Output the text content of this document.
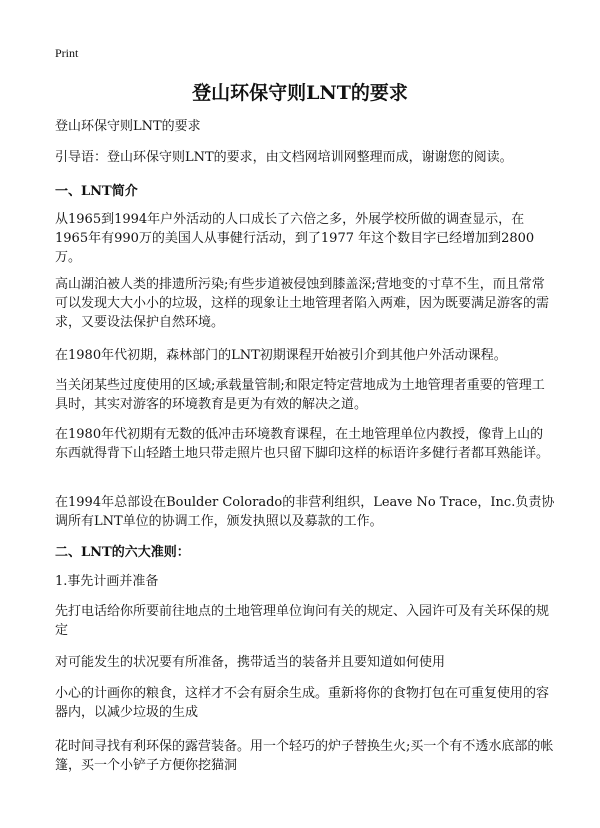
Print
登山环保守则LNT的要求
登山环保守则LNT的要求
引导语：登山环保守则LNT的要求，由文档网培训网整理而成，谢谢您的阅读。
一、LNT简介
从1965到1994年户外活动的人口成长了六倍之多，外展学校所做的调查显示，在1965年有990万的美国人从事健行活动，到了1977 年这个数目字已经增加到2800万。
高山湖泊被人类的排遗所污染;有些步道被侵蚀到膝盖深;营地变的寸草不生，而且常常可以发现大大小小的垃圾，这样的现象让土地管理者陷入两难，因为既要满足游客的需求，又要设法保护自然环境。
在1980年代初期，森林部门的LNT初期课程开始被引介到其他户外活动课程。
当关闭某些过度使用的区域;承载量管制;和限定特定营地成为土地管理者重要的管理工具时，其实对游客的环境教育是更为有效的解决之道。
在1980年代初期有无数的低冲击环境教育课程，在土地管理单位内教授，像背上山的东西就得背下山轻踏土地只带走照片也只留下脚印这样的标语许多健行者都耳熟能详。
在1994年总部设在Boulder Colorado的非营利组织，Leave No Trace，Inc.负责协调所有LNT单位的协调工作，颁发执照以及募款的工作。
二、LNT的六大准则：
1.事先计画并准备
先打电话给你所要前往地点的土地管理单位询问有关的规定、入园许可及有关环保的规定
对可能发生的状况要有所准备，携带适当的装备并且要知道如何使用
小心的计画你的粮食，这样才不会有厨余生成。重新将你的食物打包在可重复使用的容器内，以减少垃圾的生成
花时间寻找有利环保的露营装备。用一个轻巧的炉子替换生火;买一个有不透水底部的帐篷，买一个小铲子方便你挖猫洞
